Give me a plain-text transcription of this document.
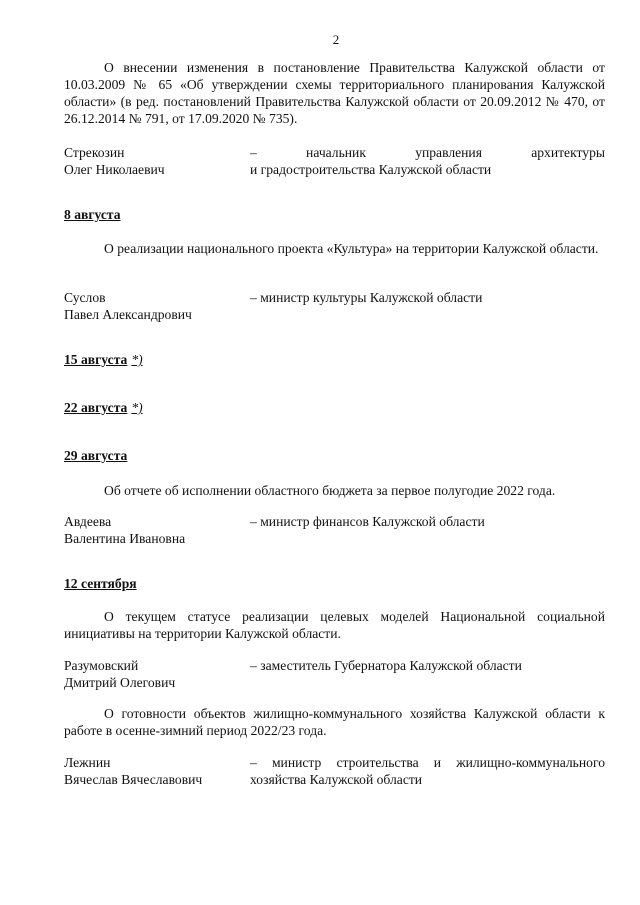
2
О внесении изменения в постановление Правительства Калужской области от 10.03.2009 № 65 «Об утверждении схемы территориального планирования Калужской области» (в ред. постановлений Правительства Калужской области от 20.09.2012 № 470, от 26.12.2014 № 791, от 17.09.2020 № 735).
Стрекозин
Олег Николаевич
– начальник управления архитектуры
и градостроительства Калужской области
8 августа
О реализации национального проекта «Культура» на территории Калужской области.
Суслов
Павел Александрович
– министр культуры Калужской области
15 августа *)
22 августа *)
29 августа
Об отчете об исполнении областного бюджета за первое полугодие 2022 года.
Авдеева
Валентина Ивановна
– министр финансов Калужской области
12 сентября
О текущем статусе реализации целевых моделей Национальной социальной инициативы на территории Калужской области.
Разумовский
Дмитрий Олегович
– заместитель Губернатора Калужской области
О готовности объектов жилищно-коммунального хозяйства Калужской области к работе в осенне-зимний период 2022/23 года.
Лежнин
Вячеслав Вячеславович
– министр строительства и жилищно-коммунального
хозяйства Калужской области
